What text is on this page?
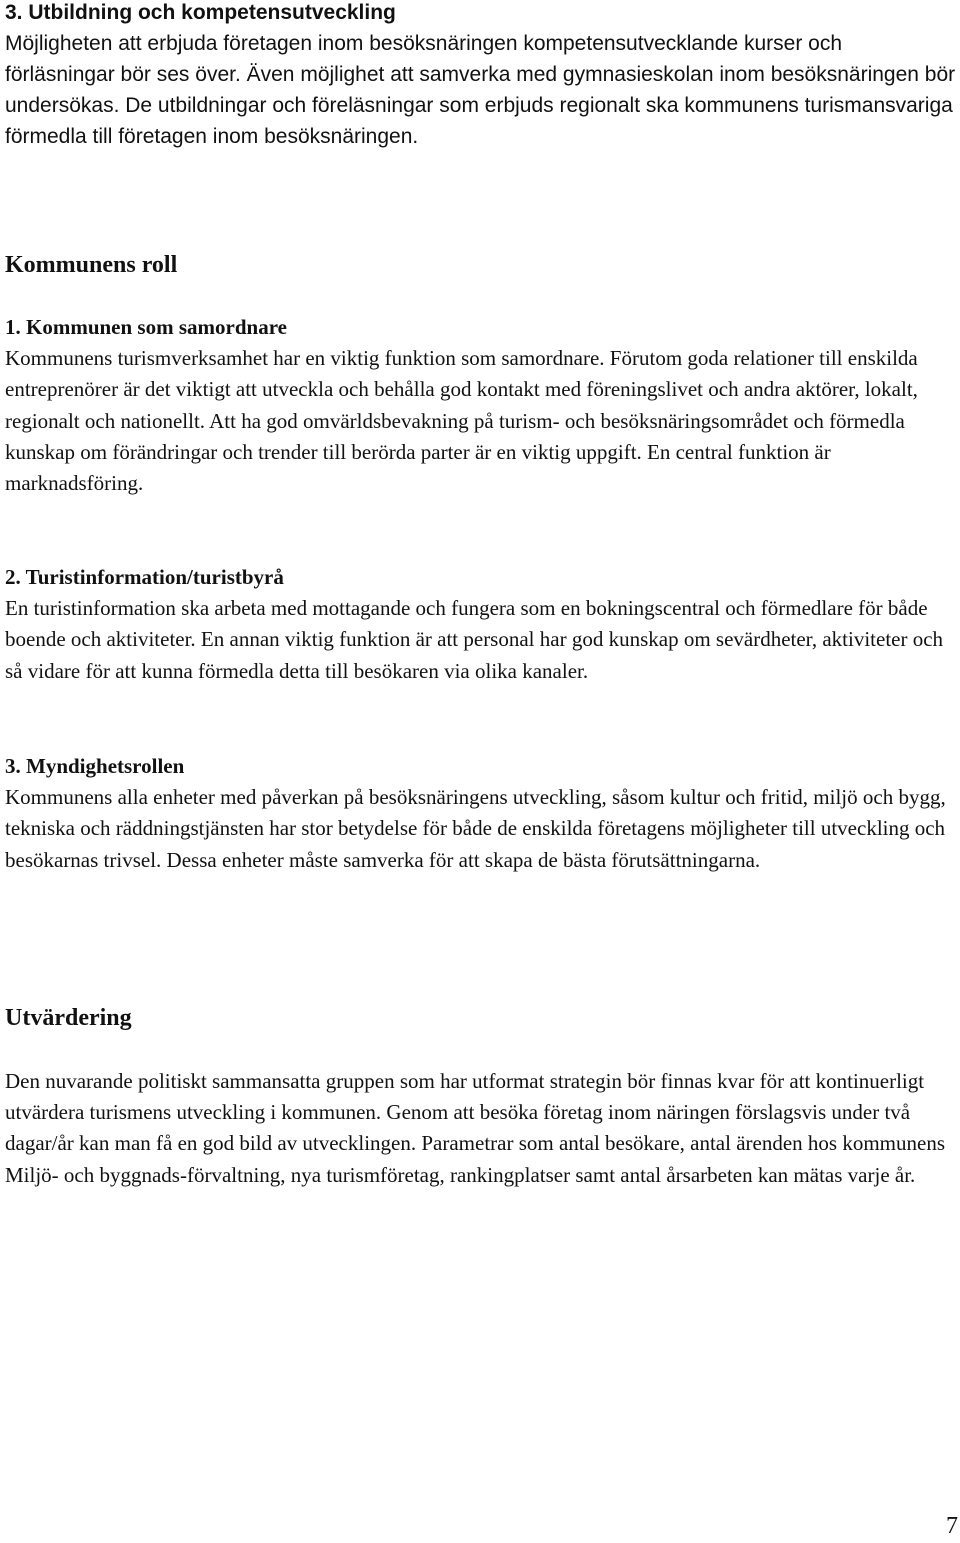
3. Utbildning och kompetensutveckling
Möjligheten att erbjuda företagen inom besöksnäringen kompetensutvecklande kurser och förläsningar bör ses över. Även möjlighet att samverka med gymnasieskolan inom besöksnäringen bör undersökas. De utbildningar och föreläsningar som erbjuds regionalt ska kommunens turismansvariga förmedla till företagen inom besöksnäringen.
Kommunens roll
1. Kommunen som samordnare
Kommunens turismverksamhet har en viktig funktion som samordnare. Förutom goda relationer till enskilda entreprenörer är det viktigt att utveckla och behålla god kontakt med föreningslivet och andra aktörer, lokalt, regionalt och nationellt. Att ha god omvärldsbevakning på turism- och besöksnäringsområdet och förmedla kunskap om förändringar och trender till berörda parter är en viktig uppgift. En central funktion är marknadsföring.
2. Turistinformation/turistbyrå
En turistinformation ska arbeta med mottagande och fungera som en bokningscentral och förmedlare för både boende och aktiviteter. En annan viktig funktion är att personal har god kunskap om sevärdheter, aktiviteter och så vidare för att kunna förmedla detta till besökaren via olika kanaler.
3. Myndighetsrollen
Kommunens alla enheter med påverkan på besöksnäringens utveckling, såsom kultur och fritid, miljö och bygg, tekniska och räddningstjänsten har stor betydelse för både de enskilda företagens möjligheter till utveckling och besökarnas trivsel. Dessa enheter måste samverka för att skapa de bästa förutsättningarna.
Utvärdering
Den nuvarande politiskt sammansatta gruppen som har utformat strategin bör finnas kvar för att kontinuerligt utvärdera turismens utveckling i kommunen. Genom att besöka företag inom näringen förslagsvis under två dagar/år kan man få en god bild av utvecklingen. Parametrar som antal besökare, antal ärenden hos kommunens Miljö- och byggnads-förvaltning, nya turismföretag, rankingplatser samt antal årsarbeten kan mätas varje år.
7
